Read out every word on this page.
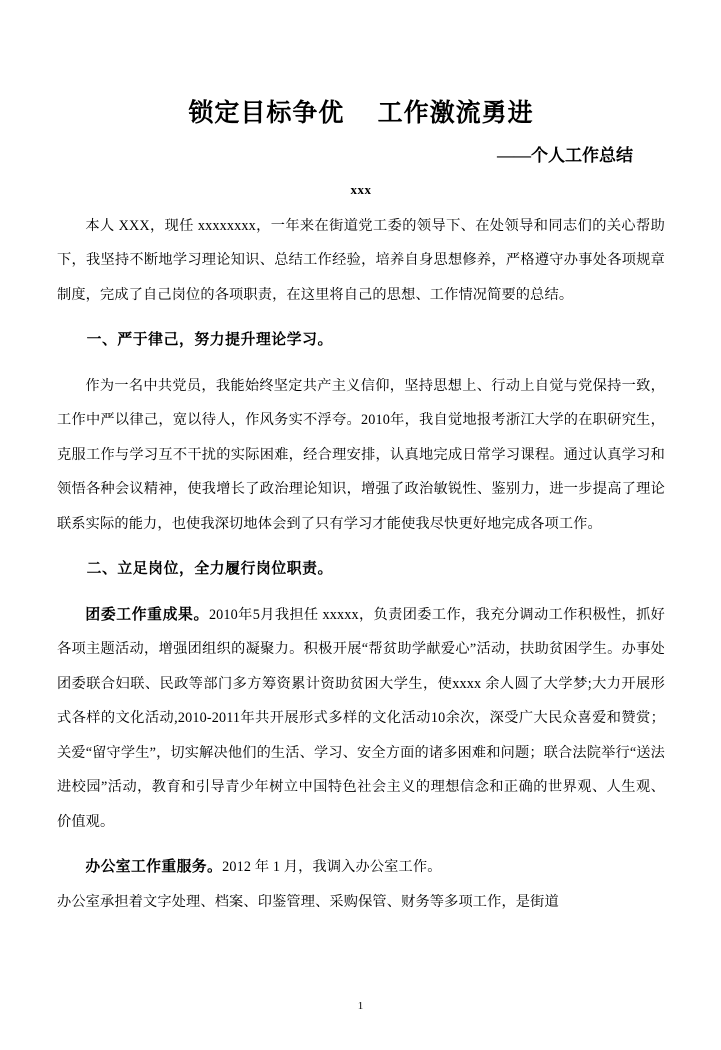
锁定目标争优　 工作激流勇进

——个人工作总结

xxx

本人 XXX，现任 xxxxxxxx，一年来在街道党工委的领导下、在处领导和同志们的关心帮助下，我坚持不断地学习理论知识、总结工作经验，培养自身思想修养，严格遵守办事处各项规章制度，完成了自己岗位的各项职责，在这里将自己的思想、工作情况简要的总结。

一、严于律己，努力提升理论学习。

作为一名中共党员，我能始终坚定共产主义信仰，坚持思想上、行动上自觉与党保持一致，工作中严以律己，宽以待人，作风务实不浮夸。2010年，我自觉地报考浙江大学的在职研究生，克服工作与学习互不干扰的实际困难，经合理安排，认真地完成日常学习课程。通过认真学习和领悟各种会议精神，使我增长了政治理论知识，增强了政治敏锐性、鉴别力，进一步提高了理论联系实际的能力，也使我深切地体会到了只有学习才能使我尽快更好地完成各项工作。

二、立足岗位，全力履行岗位职责。

团委工作重成果。2010年5月我担任 xxxxx，负责团委工作，我充分调动工作积极性，抓好各项主题活动，增强团组织的凝聚力。积极开展“帮贫助学献爱心”活动，扶助贫困学生。办事处团委联合妇联、民政等部门多方筹资累计资助贫困大学生，使xxxx 余人圆了大学梦;大力开展形式各样的文化活动,2010-2011年共开展形式多样的文化活动10余次，深受广大民众喜爱和赞赏；关爱“留守学生”，切实解决他们的生活、学习、安全方面的诸多困难和问题；联合法院举行“送法进校园”活动，教育和引导青少年树立中国特色社会主义的理想信念和正确的世界观、人生观、价值观。

办公室工作重服务。2012 年 1 月，我调入办公室工作。

办公室承担着文字处理、档案、印鉴管理、采购保管、财务等多项工作，是街道

1
